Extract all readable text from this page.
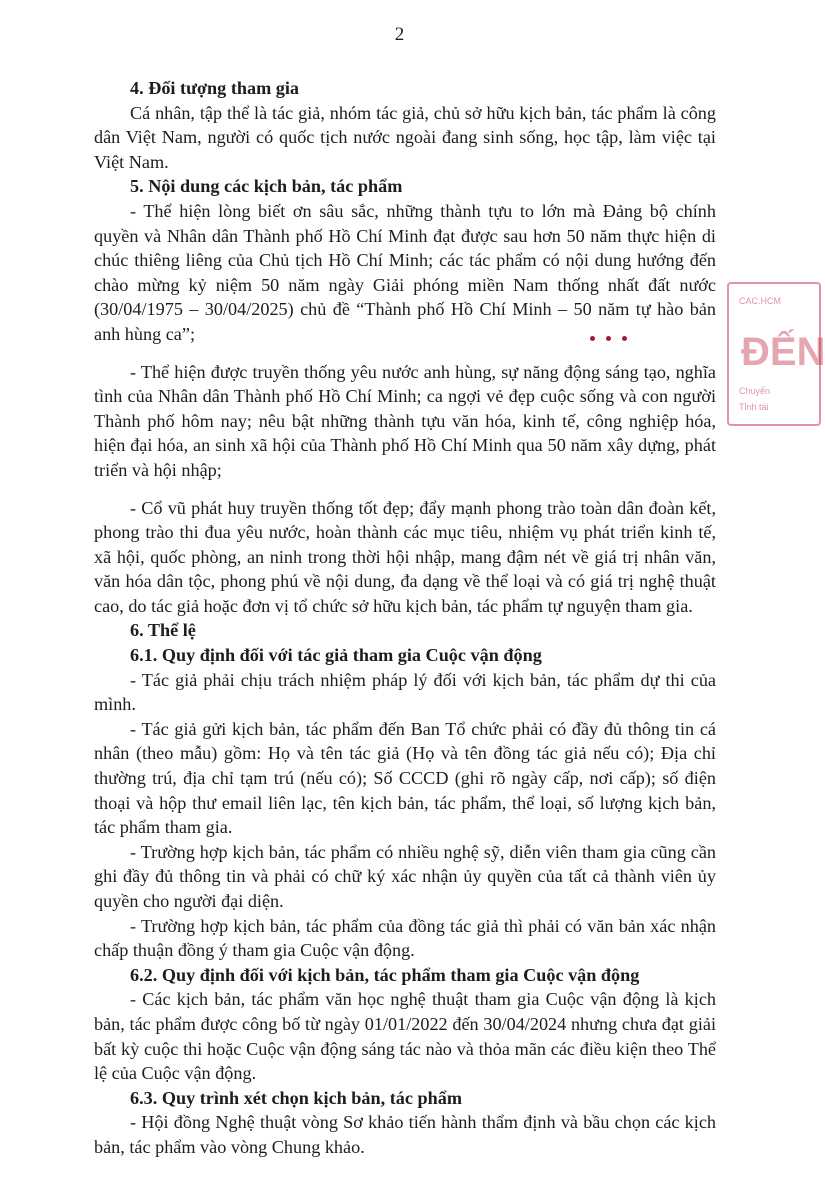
2
CAC.HCM
ĐẾN
Chuyển
Tỉnh tái

4. Đối tượng tham gia

Cá nhân, tập thể là tác giả, nhóm tác giả, chủ sở hữu kịch bản, tác phẩm là công dân Việt Nam, người có quốc tịch nước ngoài đang sinh sống, học tập, làm việc tại Việt Nam.

5. Nội dung các kịch bản, tác phẩm

- Thể hiện lòng biết ơn sâu sắc, những thành tựu to lớn mà Đảng bộ chính quyền và Nhân dân Thành phố Hồ Chí Minh đạt được sau hơn 50 năm thực hiện di chúc thiêng liêng của Chủ tịch Hồ Chí Minh; các tác phẩm có nội dung hướng đến chào mừng kỷ niệm 50 năm ngày Giải phóng miền Nam thống nhất đất nước (30/04/1975 – 30/04/2025) chủ đề “Thành phố Hồ Chí Minh – 50 năm tự hào bản anh hùng ca”;

- Thể hiện được truyền thống yêu nước anh hùng, sự năng động sáng tạo, nghĩa tình của Nhân dân Thành phố Hồ Chí Minh; ca ngợi vẻ đẹp cuộc sống và con người Thành phố hôm nay; nêu bật những thành tựu văn hóa, kinh tế, công nghiệp hóa, hiện đại hóa, an sinh xã hội của Thành phố Hồ Chí Minh qua 50 năm xây dựng, phát triển và hội nhập;

- Cổ vũ phát huy truyền thống tốt đẹp; đẩy mạnh phong trào toàn dân đoàn kết, phong trào thi đua yêu nước, hoàn thành các mục tiêu, nhiệm vụ phát triển kinh tế, xã hội, quốc phòng, an ninh trong thời hội nhập, mang đậm nét về giá trị nhân văn, văn hóa dân tộc, phong phú về nội dung, đa dạng về thể loại và có giá trị nghệ thuật cao, do tác giả hoặc đơn vị tổ chức sở hữu kịch bản, tác phẩm tự nguyện tham gia.

6. Thể lệ

6.1. Quy định đối với tác giả tham gia Cuộc vận động

- Tác giả phải chịu trách nhiệm pháp lý đối với kịch bản, tác phẩm dự thi của mình.

- Tác giả gửi kịch bản, tác phẩm đến Ban Tổ chức phải có đầy đủ thông tin cá nhân (theo mẫu) gồm: Họ và tên tác giả (Họ và tên đồng tác giả nếu có); Địa chỉ thường trú, địa chỉ tạm trú (nếu có); Số CCCD (ghi rõ ngày cấp, nơi cấp); số điện thoại và hộp thư email liên lạc, tên kịch bản, tác phẩm, thể loại, số lượng kịch bản, tác phẩm tham gia.

- Trường hợp kịch bản, tác phẩm có nhiều nghệ sỹ, diễn viên tham gia cũng cần ghi đầy đủ thông tin và phải có chữ ký xác nhận ủy quyền của tất cả thành viên ủy quyền cho người đại diện.

- Trường hợp kịch bản, tác phẩm của đồng tác giả thì phải có văn bản xác nhận chấp thuận đồng ý tham gia Cuộc vận động.

6.2. Quy định đối với kịch bản, tác phẩm tham gia Cuộc vận động

- Các kịch bản, tác phẩm văn học nghệ thuật tham gia Cuộc vận động là kịch bản, tác phẩm được công bố từ ngày 01/01/2022 đến 30/04/2024 nhưng chưa đạt giải bất kỳ cuộc thi hoặc Cuộc vận động sáng tác nào và thỏa mãn các điều kiện theo Thể lệ của Cuộc vận động.

6.3. Quy trình xét chọn kịch bản, tác phẩm

- Hội đồng Nghệ thuật vòng Sơ khảo tiến hành thẩm định và bầu chọn các kịch bản, tác phẩm vào vòng Chung khảo.
